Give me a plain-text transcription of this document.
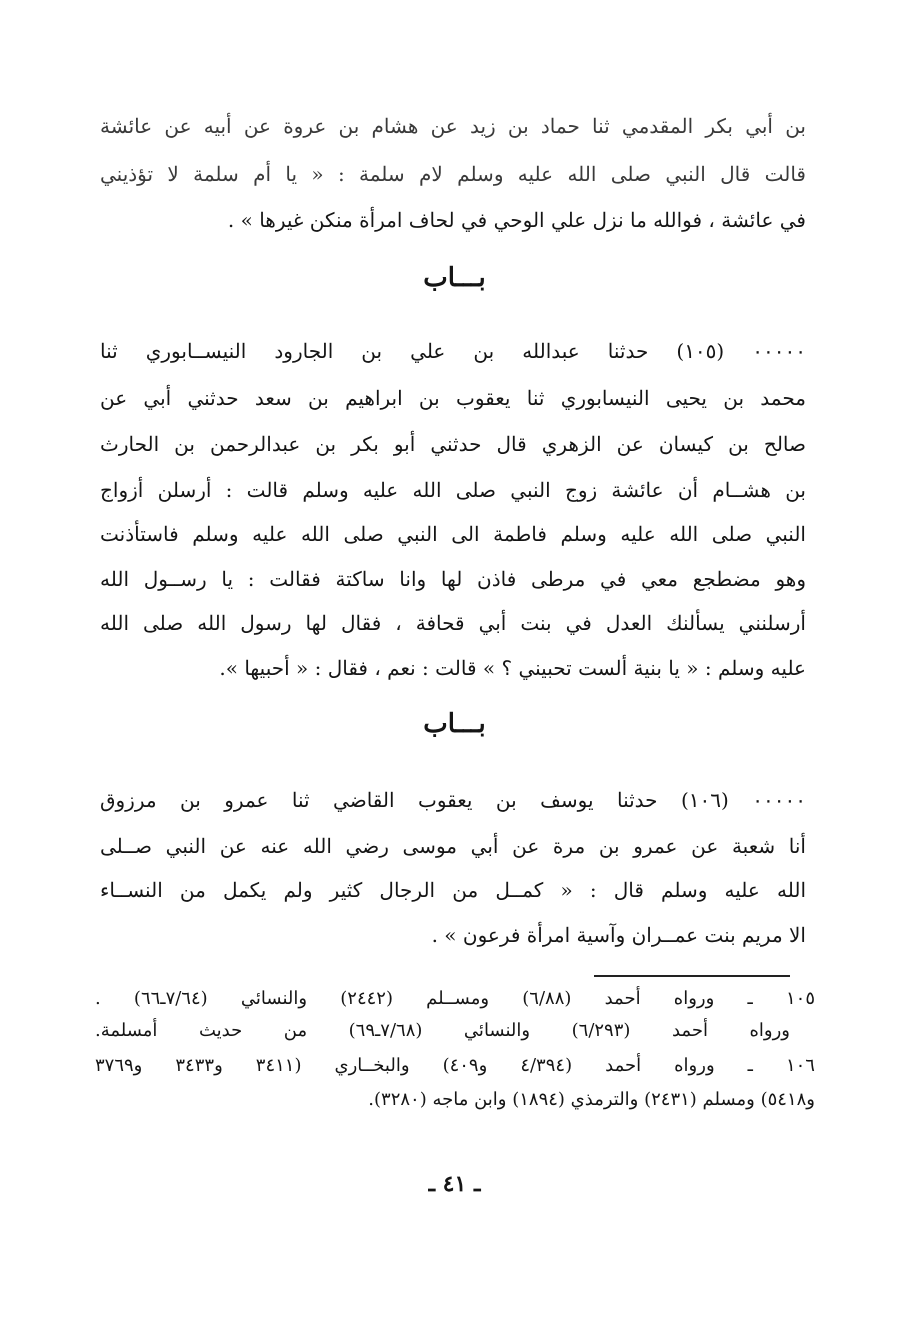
بن أبي بكر المقدمي ثنا حماد بن زيد عن هشام بن عروة عن أبيه عن عائشة

قالت قال النبي صلى الله عليه وسلم لام سلمة : « يا أم سلمة لا تؤذيني

في عائشة ، فوالله ما نزل علي الوحي في لحاف امرأة منكن غيرها » .

بـــاب

٠٠٠٠٠ (١٠٥) حدثنا عبدالله بن علي بن الجارود النيســابوري ثنا

محمد بن يحيى النيسابوري ثنا يعقوب بن ابراهيم بن سعد حدثني أبي عن

صالح بن كيسان عن الزهري قال حدثني أبو بكر بن عبدالرحمن بن الحارث

بن هشــام أن عائشة زوج النبي صلى الله عليه وسلم قالت : أرسلن أزواج

النبي صلى الله عليه وسلم فاطمة الى النبي صلى الله عليه وسلم فاستأذنت

وهو مضطجع معي في مرطى فاذن لها وانا ساكتة فقالت : يا رســول الله

أرسلنني يسألنك العدل في بنت أبي قحافة ، فقال لها رسول الله صلى الله

عليه وسلم : « يا بنية ألست تحبيني ؟ » قالت : نعم ، فقال : « أحبيها ».

بـــاب

٠٠٠٠٠ (١٠٦) حدثنا يوسف بن يعقوب القاضي ثنا عمرو بن مرزوق

أنا شعبة عن عمرو بن مرة عن أبي موسى رضي الله عنه عن النبي صــلى

الله عليه وسلم قال : « كمــل من الرجال كثير ولم يكمل من النســاء

الا مريم بنت عمــران وآسية امرأة فرعون » .

١٠٥ ـ ورواه أحمد (٦/٨٨) ومســلم (٢٤٤٢) والنسائي (٧/٦٤ـ٦٦) .

ورواه أحمد (٦/٢٩٣) والنسائي (٧/٦٨ـ٦٩) من حديث أمسلمة.

١٠٦ ـ ورواه أحمد (٤/٣٩٤ و٤٠٩) والبخــاري (٣٤١١ و٣٤٣٣ و٣٧٦٩

و٥٤١٨) ومسلم (٢٤٣١) والترمذي (١٨٩٤) وابن ماجه (٣٢٨٠).

ـ ٤١ ـ
